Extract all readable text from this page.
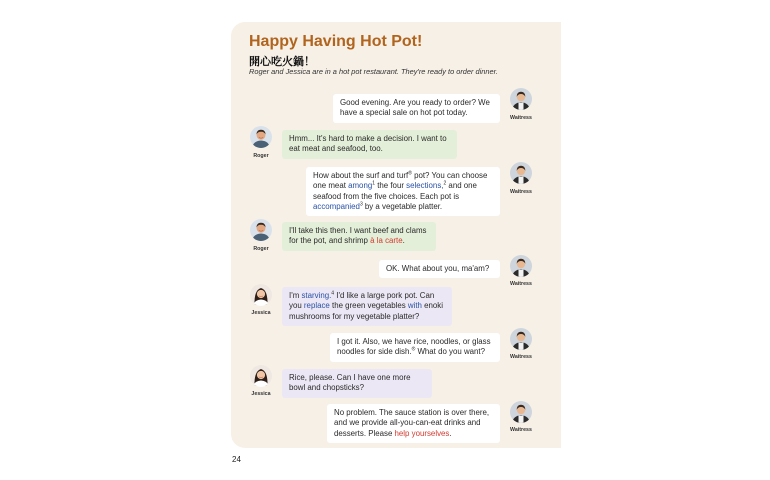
Happy Having Hot Pot!
開心吃火鍋！
Roger and Jessica are in a hot pot restaurant. They're ready to order dinner.
Good evening. Are you ready to order? We have a special sale on hot pot today.
Waitress
Roger
Hmm... It's hard to make a decision. I want to eat meat and seafood, too.
How about the surf and turf® pot? You can choose one meat among$^1$ the four selections,$^2$ and one seafood from the five choices. Each pot is accompanied$^3$ by a vegetable platter.
Waitress
Roger
I'll take this then. I want beef and clams for the pot, and shrimp à la carte.
OK. What about you, ma'am?
Waitress
Jessica
I'm starving.$^4$ I'd like a large pork pot. Can you replace the green vegetables with enoki mushrooms for my vegetable platter?
I got it. Also, we have rice, noodles, or glass noodles for side dish.® What do you want?
Waitress
Jessica
Rice, please. Can I have one more bowl and chopsticks?
No problem. The sauce station is over there, and we provide all-you-can-eat drinks and desserts. Please help yourselves.	Waitress
24
